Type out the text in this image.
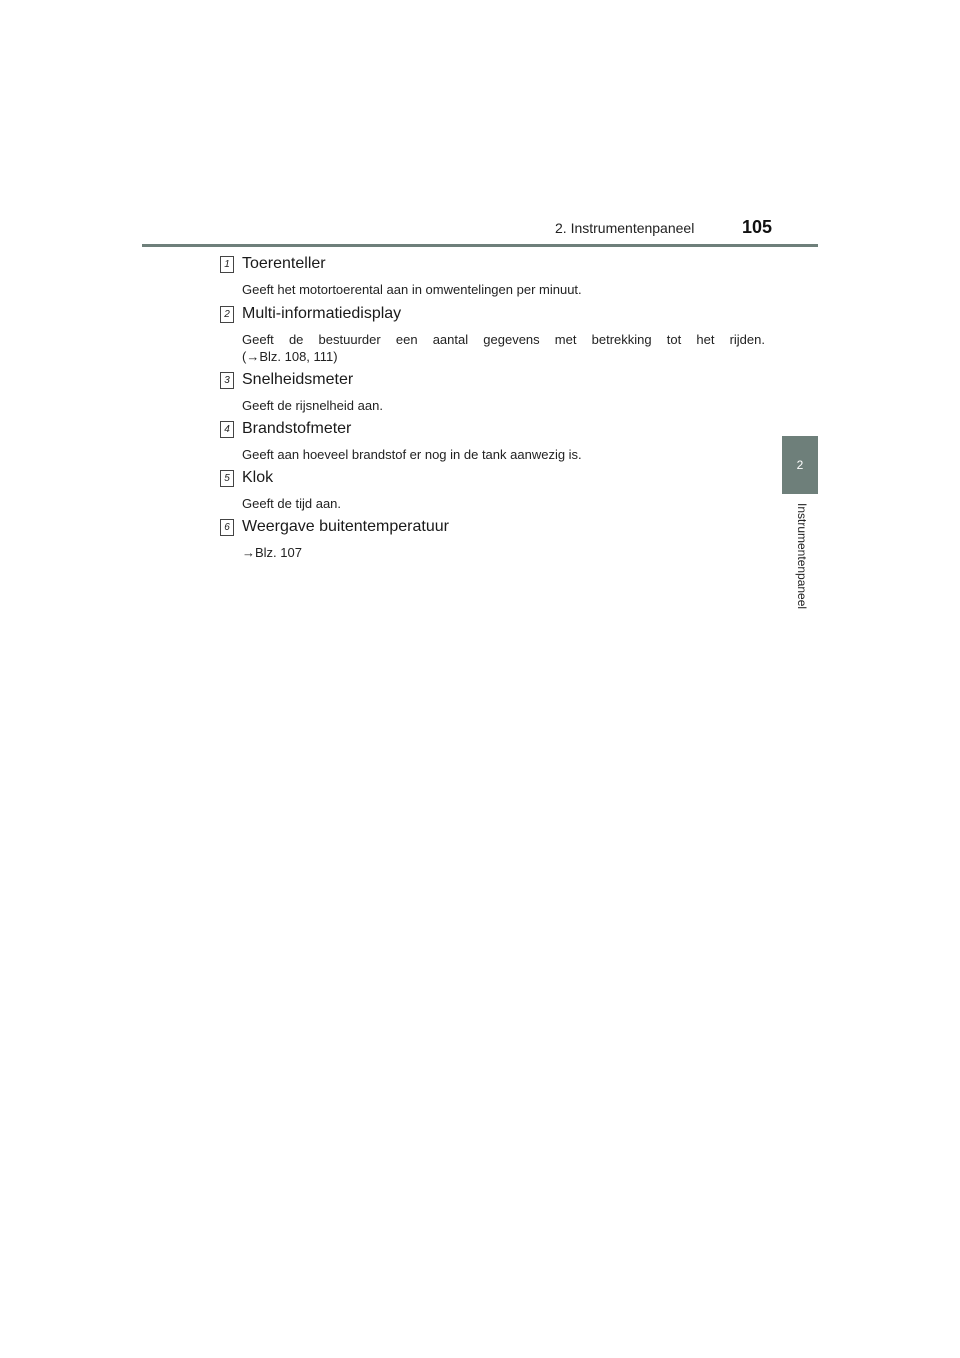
2. Instrumentenpaneel	105
2
Instrumentenpaneel
1 Toerenteller
Geeft het motortoerental aan in omwentelingen per minuut.
2 Multi-informatiedisplay
Geeft de bestuurder een aantal gegevens met betrekking tot het rijden.
(→Blz. 108, 111)
3 Snelheidsmeter
Geeft de rijsnelheid aan.
4 Brandstofmeter
Geeft aan hoeveel brandstof er nog in de tank aanwezig is.
5 Klok
Geeft de tijd aan.
6 Weergave buitentemperatuur
→Blz. 107
